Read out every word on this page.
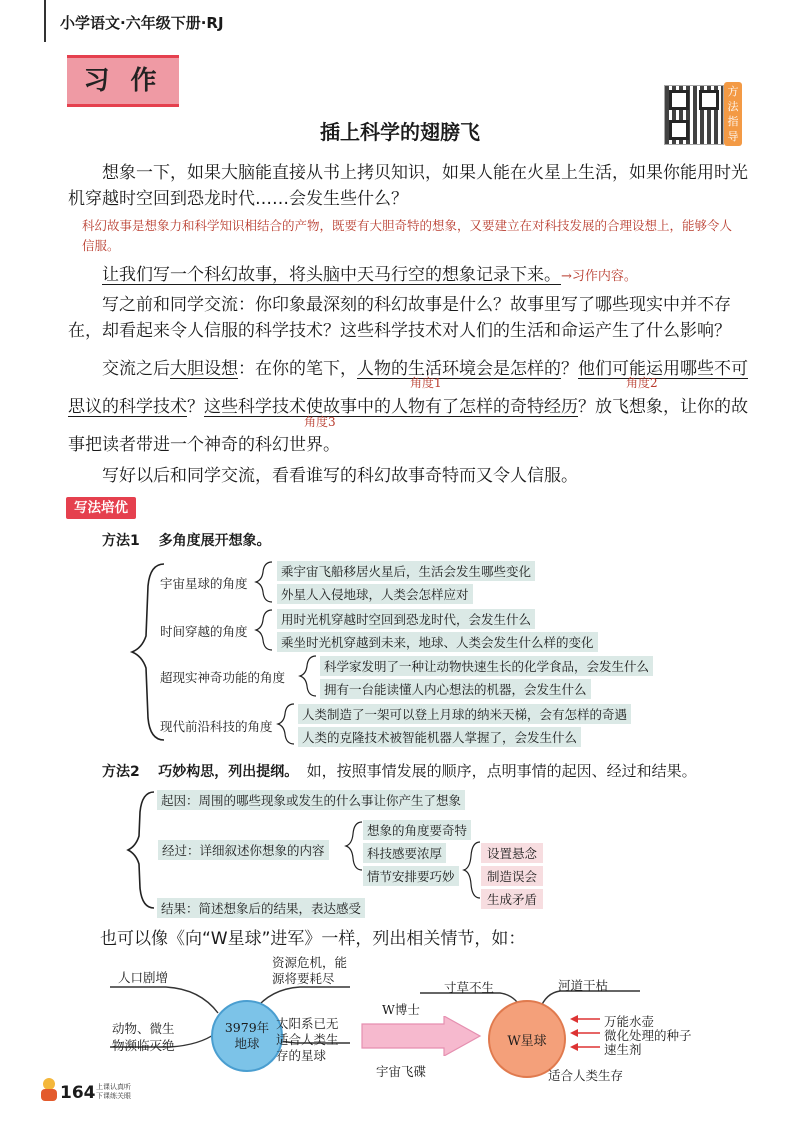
小学语文·六年级下册·RJ
习 作	方法指导
插上科学的翅膀飞
想象一下，如果大脑能直接从书上拷贝知识，如果人能在火星上生活，如果你能用时光机穿越时空回到恐龙时代……会发生些什么？
科幻故事是想象力和科学知识相结合的产物，既要有大胆奇特的想象，又要建立在对科技发展的合理设想上，能够令人信服。
让我们写一个科幻故事，将头脑中天马行空的想象记录下来。→习作内容。
写之前和同学交流：你印象最深刻的科幻故事是什么？故事里写了哪些现实中并不存在，却看起来令人信服的科学技术？这些科学技术对人们的生活和命运产生了什么影响？
交流之后大胆设想：在你的笔下，人物的生活环境会是怎样的？他们可能运用哪些不可思议的科学技术？这些科学技术使故事中的人物有了怎样的奇特经历？放飞想象，让你的故事把读者带进一个神奇的科幻世界。
角度1	角度2
角度3
写好以后和同学交流，看看谁写的科幻故事奇特而又令人信服。
写法培优
方法1 多角度展开想象。
宇宙星球的角度
乘宇宙飞船移居火星后，生活会发生哪些变化
外星人入侵地球，人类会怎样应对
时间穿越的角度
用时光机穿越时空回到恐龙时代，会发生什么
乘坐时光机穿越到未来，地球、人类会发生什么样的变化
超现实神奇功能的角度
科学家发明了一种让动物快速生长的化学食品，会发生什么
拥有一台能读懂人内心想法的机器，会发生什么
现代前沿科技的角度
人类制造了一架可以登上月球的纳米天梯，会有怎样的奇遇
人类的克隆技术被智能机器人掌握了，会发生什么
方法2 巧妙构思，列出提纲。 如，按照事情发展的顺序，点明事情的起因、经过和结果。
起因：周围的哪些现象或发生的什么事让你产生了想象
经过：详细叙述你想象的内容
想象的角度要奇特
科技感要浓厚
情节安排要巧妙
设置悬念
制造误会
生成矛盾
结果：简述想象后的结果，表达感受
也可以像《向“W星球”进军》一样，列出相关情节，如：
3979年
地球
人口剧增
资源危机，能
源将要耗尽
动物、微生
物濒临灭绝
太阳系已无
适合人类生
存的星球
W博士
宇宙飞碟
W星球
寸草不生	河道干枯
万能水壶
微化处理的种子
速生剂
适合人类生存
164 上课认真听
下课练关眼
